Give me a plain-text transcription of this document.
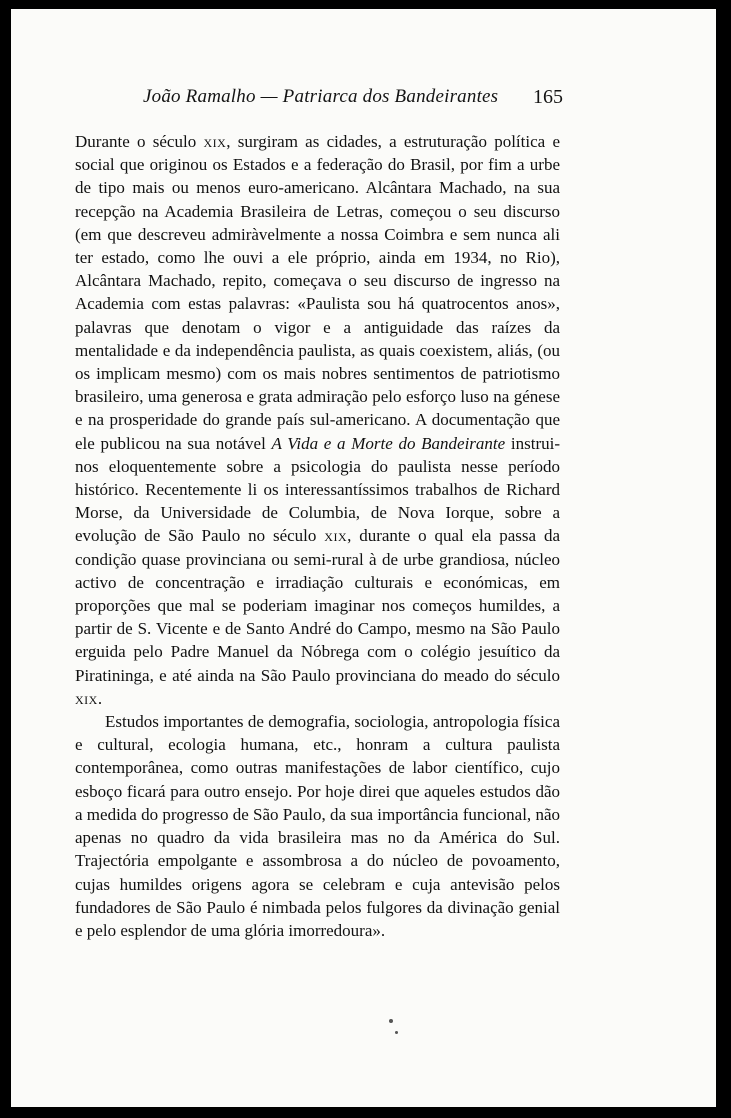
João Ramalho — Patriarca dos Bandeirantes 165

Durante o século xix, surgiram as cidades, a estruturação política e social que originou os Estados e a federação do Brasil, por fim a urbe de tipo mais ou menos euro-americano. Alcântara Machado, na sua recepção na Academia Brasileira de Letras, começou o seu discurso (em que descreveu admiràvelmente a nossa Coimbra e sem nunca ali ter estado, como lhe ouvi a ele próprio, ainda em 1934, no Rio), Alcântara Machado, repito, começava o seu discurso de ingresso na Academia com estas palavras: «Paulista sou há quatrocentos anos», palavras que denotam o vigor e a antiguidade das raízes da mentalidade e da independência paulista, as quais coexistem, aliás, (ou os implicam mesmo) com os mais nobres sentimentos de patriotismo brasileiro, uma generosa e grata admiração pelo esforço luso na génese e na prosperidade do grande país sul-americano. A documentação que ele publicou na sua notável A Vida e a Morte do Bandeirante instrui-nos eloquentemente sobre a psicologia do paulista nesse período histórico. Recentemente li os interessantíssimos trabalhos de Richard Morse, da Universidade de Columbia, de Nova Iorque, sobre a evolução de São Paulo no século xix, durante o qual ela passa da condição quase provinciana ou semi-rural à de urbe grandiosa, núcleo activo de concentração e irradiação culturais e económicas, em proporções que mal se poderiam imaginar nos começos humildes, a partir de S. Vicente e de Santo André do Campo, mesmo na São Paulo erguida pelo Padre Manuel da Nóbrega com o colégio jesuítico da Piratininga, e até ainda na São Paulo provinciana do meado do século xix.

Estudos importantes de demografia, sociologia, antropologia física e cultural, ecologia humana, etc., honram a cultura paulista contemporânea, como outras manifestações de labor científico, cujo esboço ficará para outro ensejo. Por hoje direi que aqueles estudos dão a medida do progresso de São Paulo, da sua importância funcional, não apenas no quadro da vida brasileira mas no da América do Sul. Trajectória empolgante e assombrosa a do núcleo de povoamento, cujas humildes origens agora se celebram e cuja antevisão pelos fundadores de São Paulo é nimbada pelos fulgores da divinação genial e pelo esplendor de uma glória imorredoura».
